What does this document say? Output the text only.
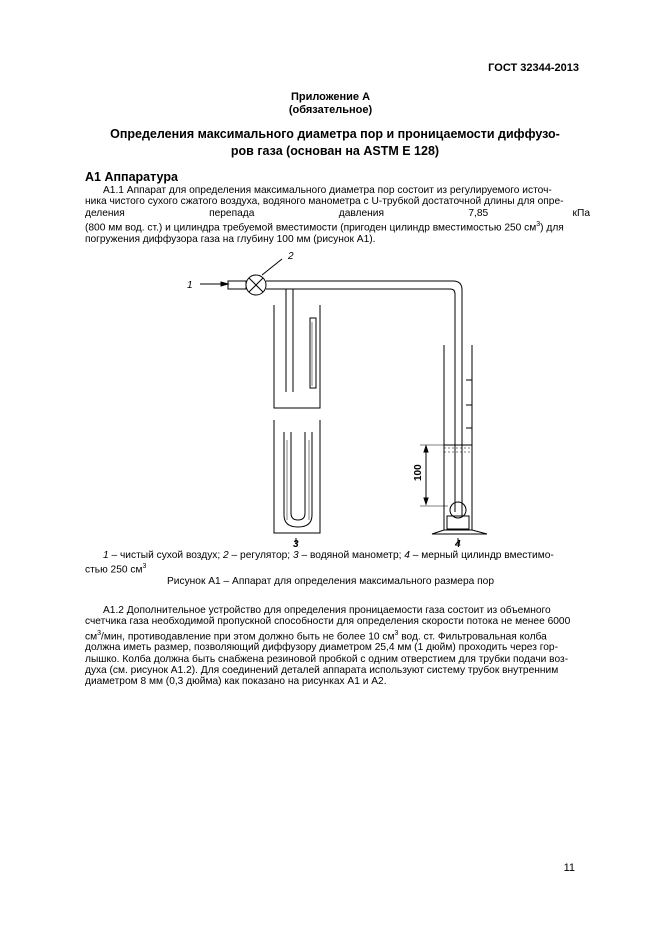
ГОСТ 32344-2013
Приложение А
(обязательное)
Определения максимального диаметра пор и проницаемости диффузо-
ров газа (основан на ASTM E 128)
А1 Аппаратура

А1.1 Аппарат для определения максимального диаметра пор состоит из регулируемого источ-

ника чистого сухого сжатого воздуха, водяного манометра с U-трубкой достаточной длины для опре-

деления перепада давления 7,85 кПа

(800 мм вод. ст.) и цилиндра требуемой вместимости (пригоден цилиндр вместимостью 250 $см^3$) для

погружения диффузора газа на глубину 100 мм (рисунок А1).

1
2
3	4
100
1 – чистый сухой воздух; 2 – регулятор; 3 – водяной манометр; 4 – мерный цилиндр вместимо-
стью 250 $см^3$
Рисунок А1 – Аппарат для определения максимального размера пор

А1.2 Дополнительное устройство для определения проницаемости газа состоит из объемного

счетчика газа необходимой пропускной способности для определения скорости потока не менее 6000

$см^3$/мин, противодавление при этом должно быть не более 10 $см^3$ вод. ст. Фильтровальная колба

должна иметь размер, позволяющий диффузору диаметром 25,4 мм (1 дюйм) проходить через гор-

лышко. Колба должна быть снабжена резиновой пробкой с одним отверстием для трубки подачи воз-

духа (см. рисунок А1.2). Для соединений деталей аппарата используют систему трубок внутренним

диаметром 8 мм (0,3 дюйма) как показано на рисунках А1 и А2.

11
